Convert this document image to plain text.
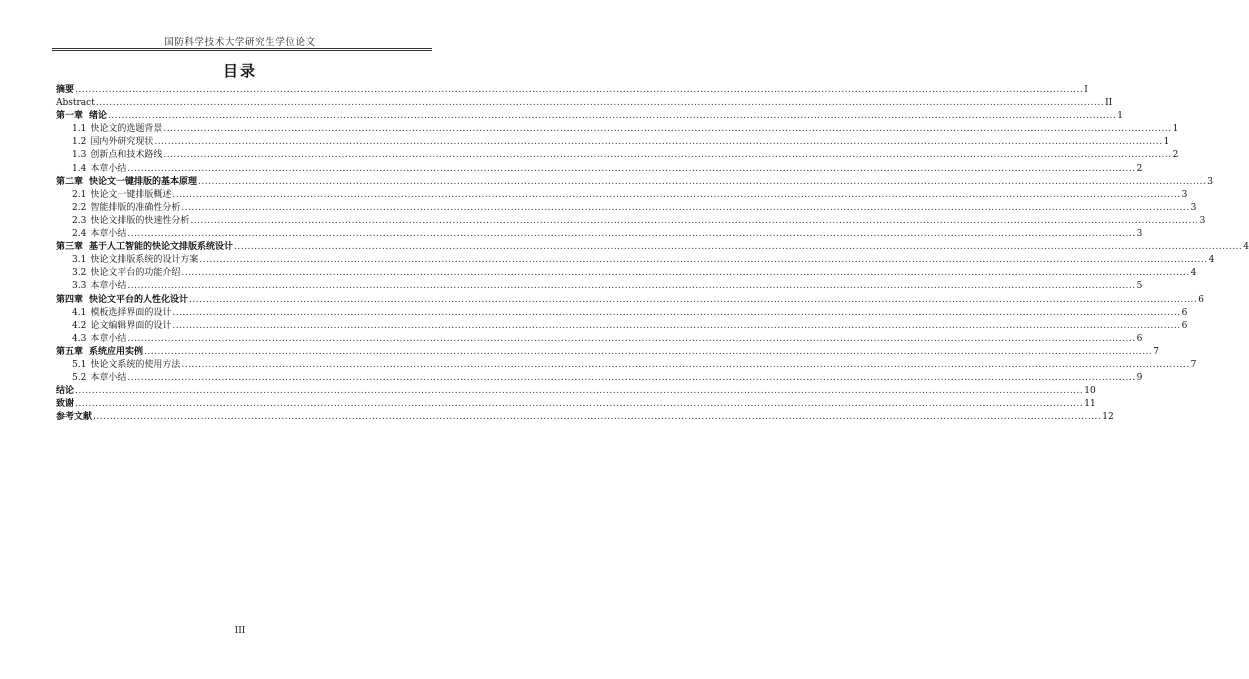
国防科学技术大学研究生学位论文
目录
摘要 ............................................................................................................................................................................................................................................................................................................ I
Abstract ............................................................................................................................................................................................................................................................................................................ II
第一章 绪论 ............................................................................................................................................................................................................................................................................................................ 1
1.1 快论文的选题背景 ............................................................................................................................................................................................................................................................................................................ 1
1.2 国内外研究现状 ............................................................................................................................................................................................................................................................................................................ 1
1.3 创新点和技术路线 ............................................................................................................................................................................................................................................................................................................ 2
1.4 本章小结 ............................................................................................................................................................................................................................................................................................................ 2
第二章 快论文一键排版的基本原理 ............................................................................................................................................................................................................................................................................................................ 3
2.1 快论文一键排版概述 ............................................................................................................................................................................................................................................................................................................ 3
2.2 智能排版的准确性分析 ............................................................................................................................................................................................................................................................................................................ 3
2.3 快论文排版的快速性分析 ............................................................................................................................................................................................................................................................................................................ 3
2.4 本章小结 ............................................................................................................................................................................................................................................................................................................ 3
第三章 基于人工智能的快论文排版系统设计 ............................................................................................................................................................................................................................................................................................................ 4
3.1 快论文排版系统的设计方案 ............................................................................................................................................................................................................................................................................................................ 4
3.2 快论文平台的功能介绍 ............................................................................................................................................................................................................................................................................................................ 4
3.3 本章小结 ............................................................................................................................................................................................................................................................................................................ 5
第四章 快论文平台的人性化设计 ............................................................................................................................................................................................................................................................................................................ 6
4.1 模板选择界面的设计 ............................................................................................................................................................................................................................................................................................................ 6
4.2 论文编辑界面的设计 ............................................................................................................................................................................................................................................................................................................ 6
4.3 本章小结 ............................................................................................................................................................................................................................................................................................................ 6
第五章 系统应用实例 ............................................................................................................................................................................................................................................................................................................ 7
5.1 快论文系统的使用方法 ............................................................................................................................................................................................................................................................................................................ 7
5.2 本章小结 ............................................................................................................................................................................................................................................................................................................ 9
结论 ............................................................................................................................................................................................................................................................................................................ 10
致谢 ............................................................................................................................................................................................................................................................................................................ 11
参考文献 ............................................................................................................................................................................................................................................................................................................ 12
III
